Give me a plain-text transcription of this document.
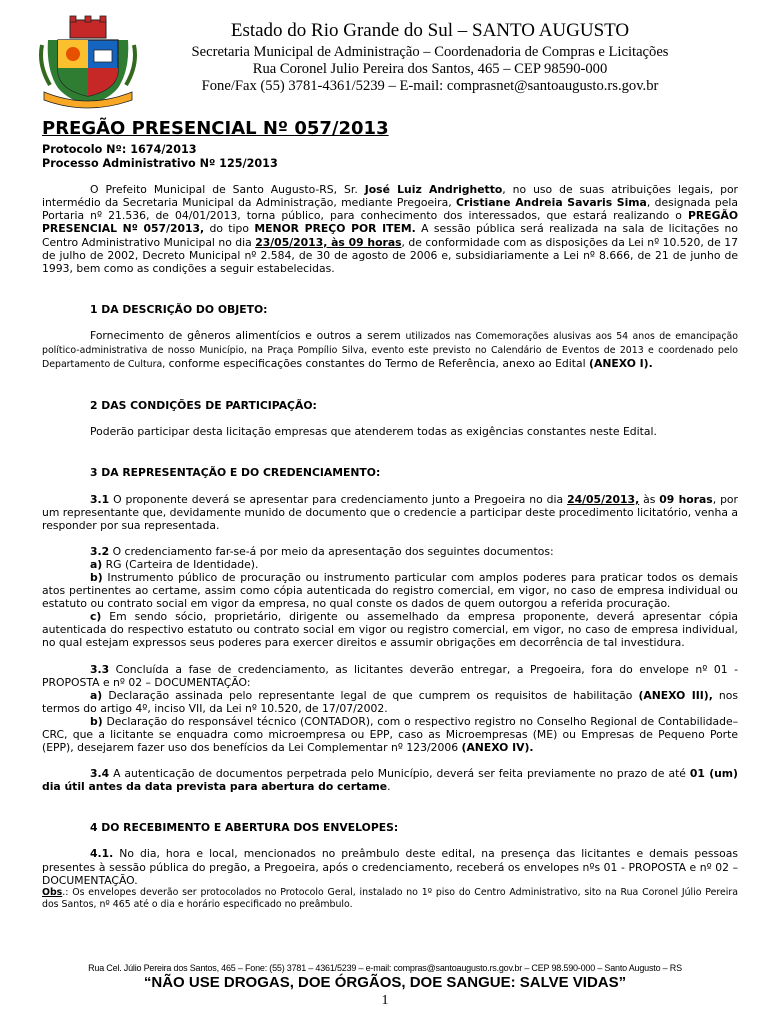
Estado do Rio Grande do Sul – SANTO AUGUSTO
Secretaria Municipal de Administração – Coordenadoria de Compras e Licitações
Rua Coronel Julio Pereira dos Santos, 465 – CEP 98590-000
Fone/Fax (55) 3781-4361/5239 – E-mail: comprasnet@santoaugusto.rs.gov.br

PREGÃO PRESENCIAL Nº 057/2013

Protocolo Nº: 1674/2013

Processo Administrativo Nº 125/2013

O Prefeito Municipal de Santo Augusto-RS, Sr. José Luiz Andrighetto, no uso de suas atribuições legais, por intermédio da Secretaria Municipal da Administração, mediante Pregoeira, Cristiane Andreia Savaris Sima, designada pela Portaria nº 21.536, de 04/01/2013, torna público, para conhecimento dos interessados, que estará realizando o PREGÃO PRESENCIAL Nº 057/2013, do tipo MENOR PREÇO POR ITEM. A sessão pública será realizada na sala de licitações no Centro Administrativo Municipal no dia 23/05/2013, às 09 horas, de conformidade com as disposições da Lei nº 10.520, de 17 de julho de 2002, Decreto Municipal nº 2.584, de 30 de agosto de 2006 e, subsidiariamente a Lei nº 8.666, de 21 de junho de 1993, bem como as condições a seguir estabelecidas.

1 DA DESCRIÇÃO DO OBJETO:

Fornecimento de gêneros alimentícios e outros a serem utilizados nas Comemorações alusivas aos 54 anos de emancipação político-administrativa de nosso Município, na Praça Pompílio Silva, evento este previsto no Calendário de Eventos de 2013 e coordenado pelo Departamento de Cultura, conforme especificações constantes do Termo de Referência, anexo ao Edital (ANEXO I).

2 DAS CONDIÇÕES DE PARTICIPAÇÃO:

Poderão participar desta licitação empresas que atenderem todas as exigências constantes neste Edital.

3 DA REPRESENTAÇÃO E DO CREDENCIAMENTO:

3.1 O proponente deverá se apresentar para credenciamento junto a Pregoeira no dia 24/05/2013, às 09 horas, por um representante que, devidamente munido de documento que o credencie a participar deste procedimento licitatório, venha a responder por sua representada.

3.2 O credenciamento far-se-á por meio da apresentação dos seguintes documentos:

a) RG (Carteira de Identidade).

b) Instrumento público de procuração ou instrumento particular com amplos poderes para praticar todos os demais atos pertinentes ao certame, assim como cópia autenticada do registro comercial, em vigor, no caso de empresa individual ou estatuto ou contrato social em vigor da empresa, no qual conste os dados de quem outorgou a referida procuração.

c) Em sendo sócio, proprietário, dirigente ou assemelhado da empresa proponente, deverá apresentar cópia autenticada do respectivo estatuto ou contrato social em vigor ou registro comercial, em vigor, no caso de empresa individual, no qual estejam expressos seus poderes para exercer direitos e assumir obrigações em decorrência de tal investidura.

3.3 Concluída a fase de credenciamento, as licitantes deverão entregar, a Pregoeira, fora do envelope nº 01 - PROPOSTA e nº 02 – DOCUMENTAÇÃO:

a) Declaração assinada pelo representante legal de que cumprem os requisitos de habilitação (ANEXO III), nos termos do artigo 4º, inciso VII, da Lei nº 10.520, de 17/07/2002.

b) Declaração do responsável técnico (CONTADOR), com o respectivo registro no Conselho Regional de Contabilidade–CRC, que a licitante se enquadra como microempresa ou EPP, caso as Microempresas (ME) ou Empresas de Pequeno Porte (EPP), desejarem fazer uso dos benefícios da Lei Complementar nº 123/2006 (ANEXO IV).

3.4 A autenticação de documentos perpetrada pelo Município, deverá ser feita previamente no prazo de até 01 (um) dia útil antes da data prevista para abertura do certame.

4 DO RECEBIMENTO E ABERTURA DOS ENVELOPES:

4.1. No dia, hora e local, mencionados no preâmbulo deste edital, na presença das licitantes e demais pessoas presentes à sessão pública do pregão, a Pregoeira, após o credenciamento, receberá os envelopes nºs 01 - PROPOSTA e nº 02 – DOCUMENTAÇÃO.

Obs.: Os envelopes deverão ser protocolados no Protocolo Geral, instalado no 1º piso do Centro Administrativo, sito na Rua Coronel Júlio Pereira dos Santos, nº 465 até o dia e horário especificado no preâmbulo.

Rua Cel. Júlio Pereira dos Santos, 465 – Fone: (55) 3781 – 4361/5239 – e-mail: compras@santoaugusto.rs.gov.br – CEP 98.590-000 – Santo Augusto – RS
“NÃO USE DROGAS, DOE ÓRGÃOS, DOE SANGUE: SALVE VIDAS”
1
